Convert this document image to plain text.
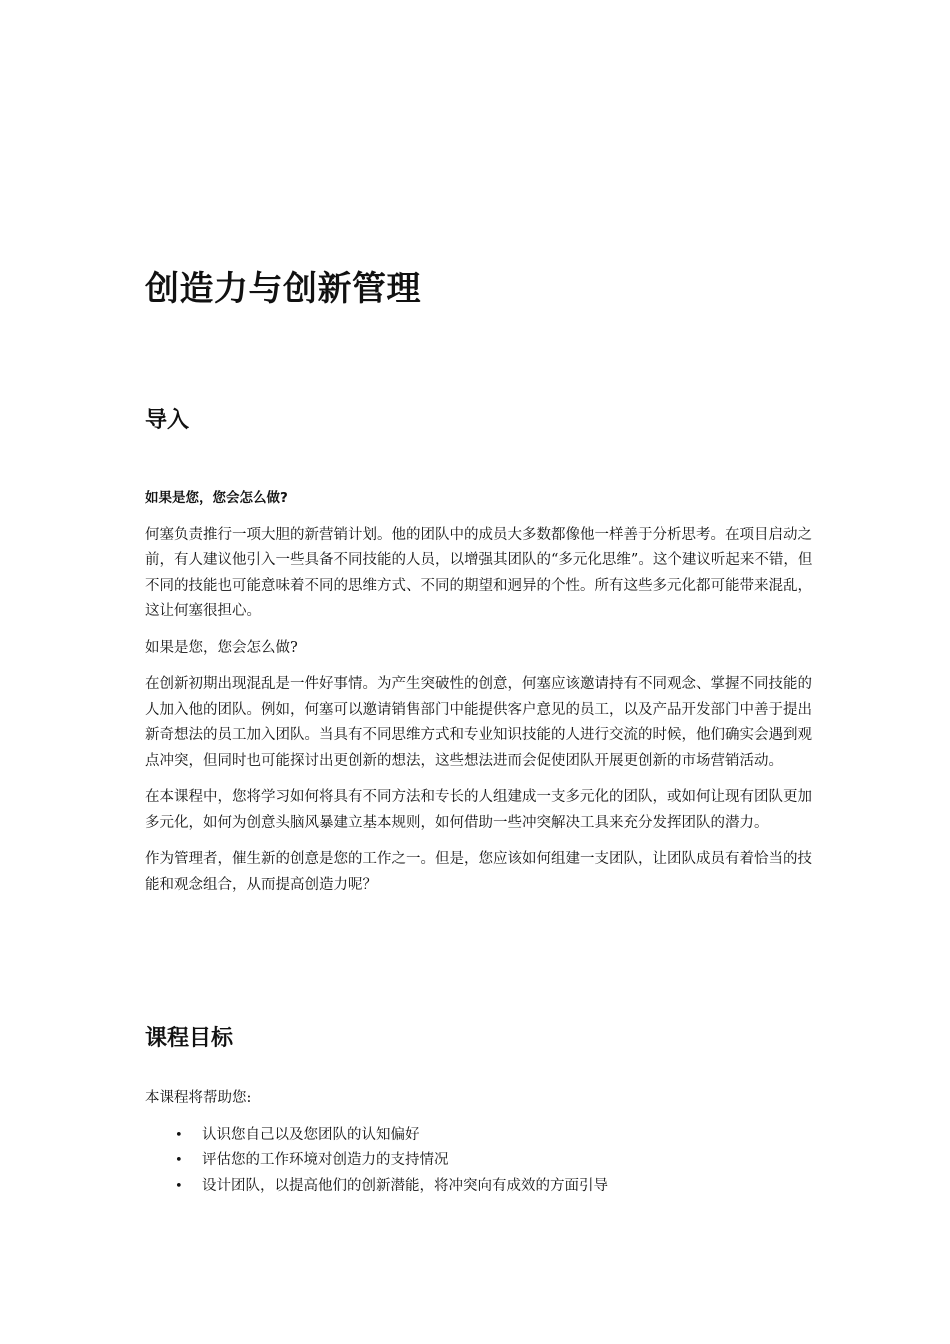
创造力与创新管理
导入

如果是您，您会怎么做?

何塞负责推行一项大胆的新营销计划。他的团队中的成员大多数都像他一样善于分析思考。在项目启动之前，有人建议他引入一些具备不同技能的人员，以增强其团队的“多元化思维”。这个建议听起来不错，但不同的技能也可能意味着不同的思维方式、不同的期望和迥异的个性。所有这些多元化都可能带来混乱，这让何塞很担心。

如果是您，您会怎么做?

在创新初期出现混乱是一件好事情。为产生突破性的创意，何塞应该邀请持有不同观念、掌握不同技能的人加入他的团队。例如，何塞可以邀请销售部门中能提供客户意见的员工，以及产品开发部门中善于提出新奇想法的员工加入团队。当具有不同思维方式和专业知识技能的人进行交流的时候，他们确实会遇到观点冲突，但同时也可能探讨出更创新的想法，这些想法进而会促使团队开展更创新的市场营销活动。

在本课程中，您将学习如何将具有不同方法和专长的人组建成一支多元化的团队，或如何让现有团队更加多元化，如何为创意头脑风暴建立基本规则，如何借助一些冲突解决工具来充分发挥团队的潜力。

作为管理者，催生新的创意是您的工作之一。但是，您应该如何组建一支团队，让团队成员有着恰当的技能和观念组合，从而提高创造力呢？

课程目标

本课程将帮助您:

• 认识您自己以及您团队的认知偏好
• 评估您的工作环境对创造力的支持情况
• 设计团队，以提高他们的创新潜能，将冲突向有成效的方面引导
